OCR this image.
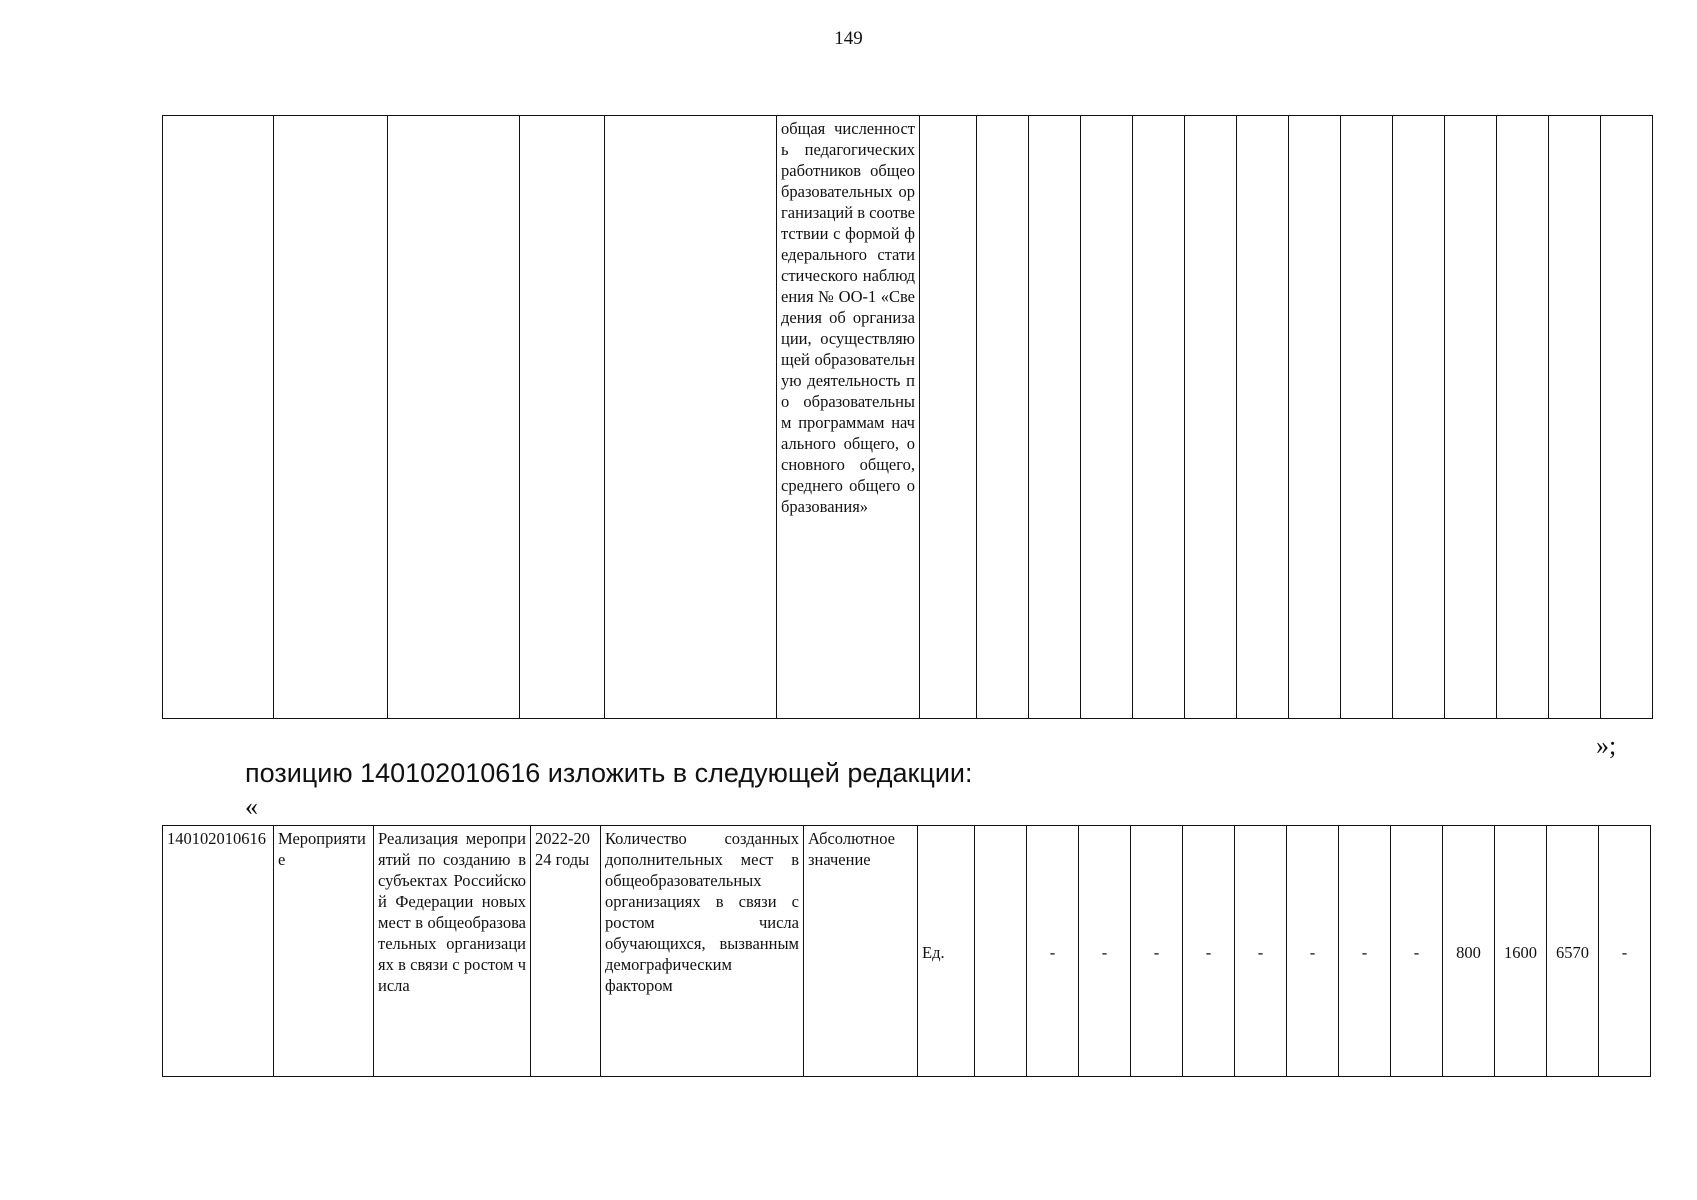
149
					общая численность педагогических работников общеобразовательных организаций в соответствии с формой федерального статистического наблюдения № ОО-1 «Сведения об организации, осуществляющей образовательную деятельность по образовательным программам начального общего, основного общего, среднего общего образования»														
»;
позицию 140102010616 изложить в следующей редакции:
«
140102010616	Мероприятие	Реализация мероприятий по созданию в субъектах Российской Федерации новых мест в общеобразовательных организациях в связи с ростом числа	2022-2024 годы	Количество созданных дополнительных мест в общеобразовательных организациях в связи с ростом числа обучающихся, вызванным демографическим фактором	Абсолютное значение	Ед.		-	-	-	-	-	-	-	-	800	1600	6570	-
